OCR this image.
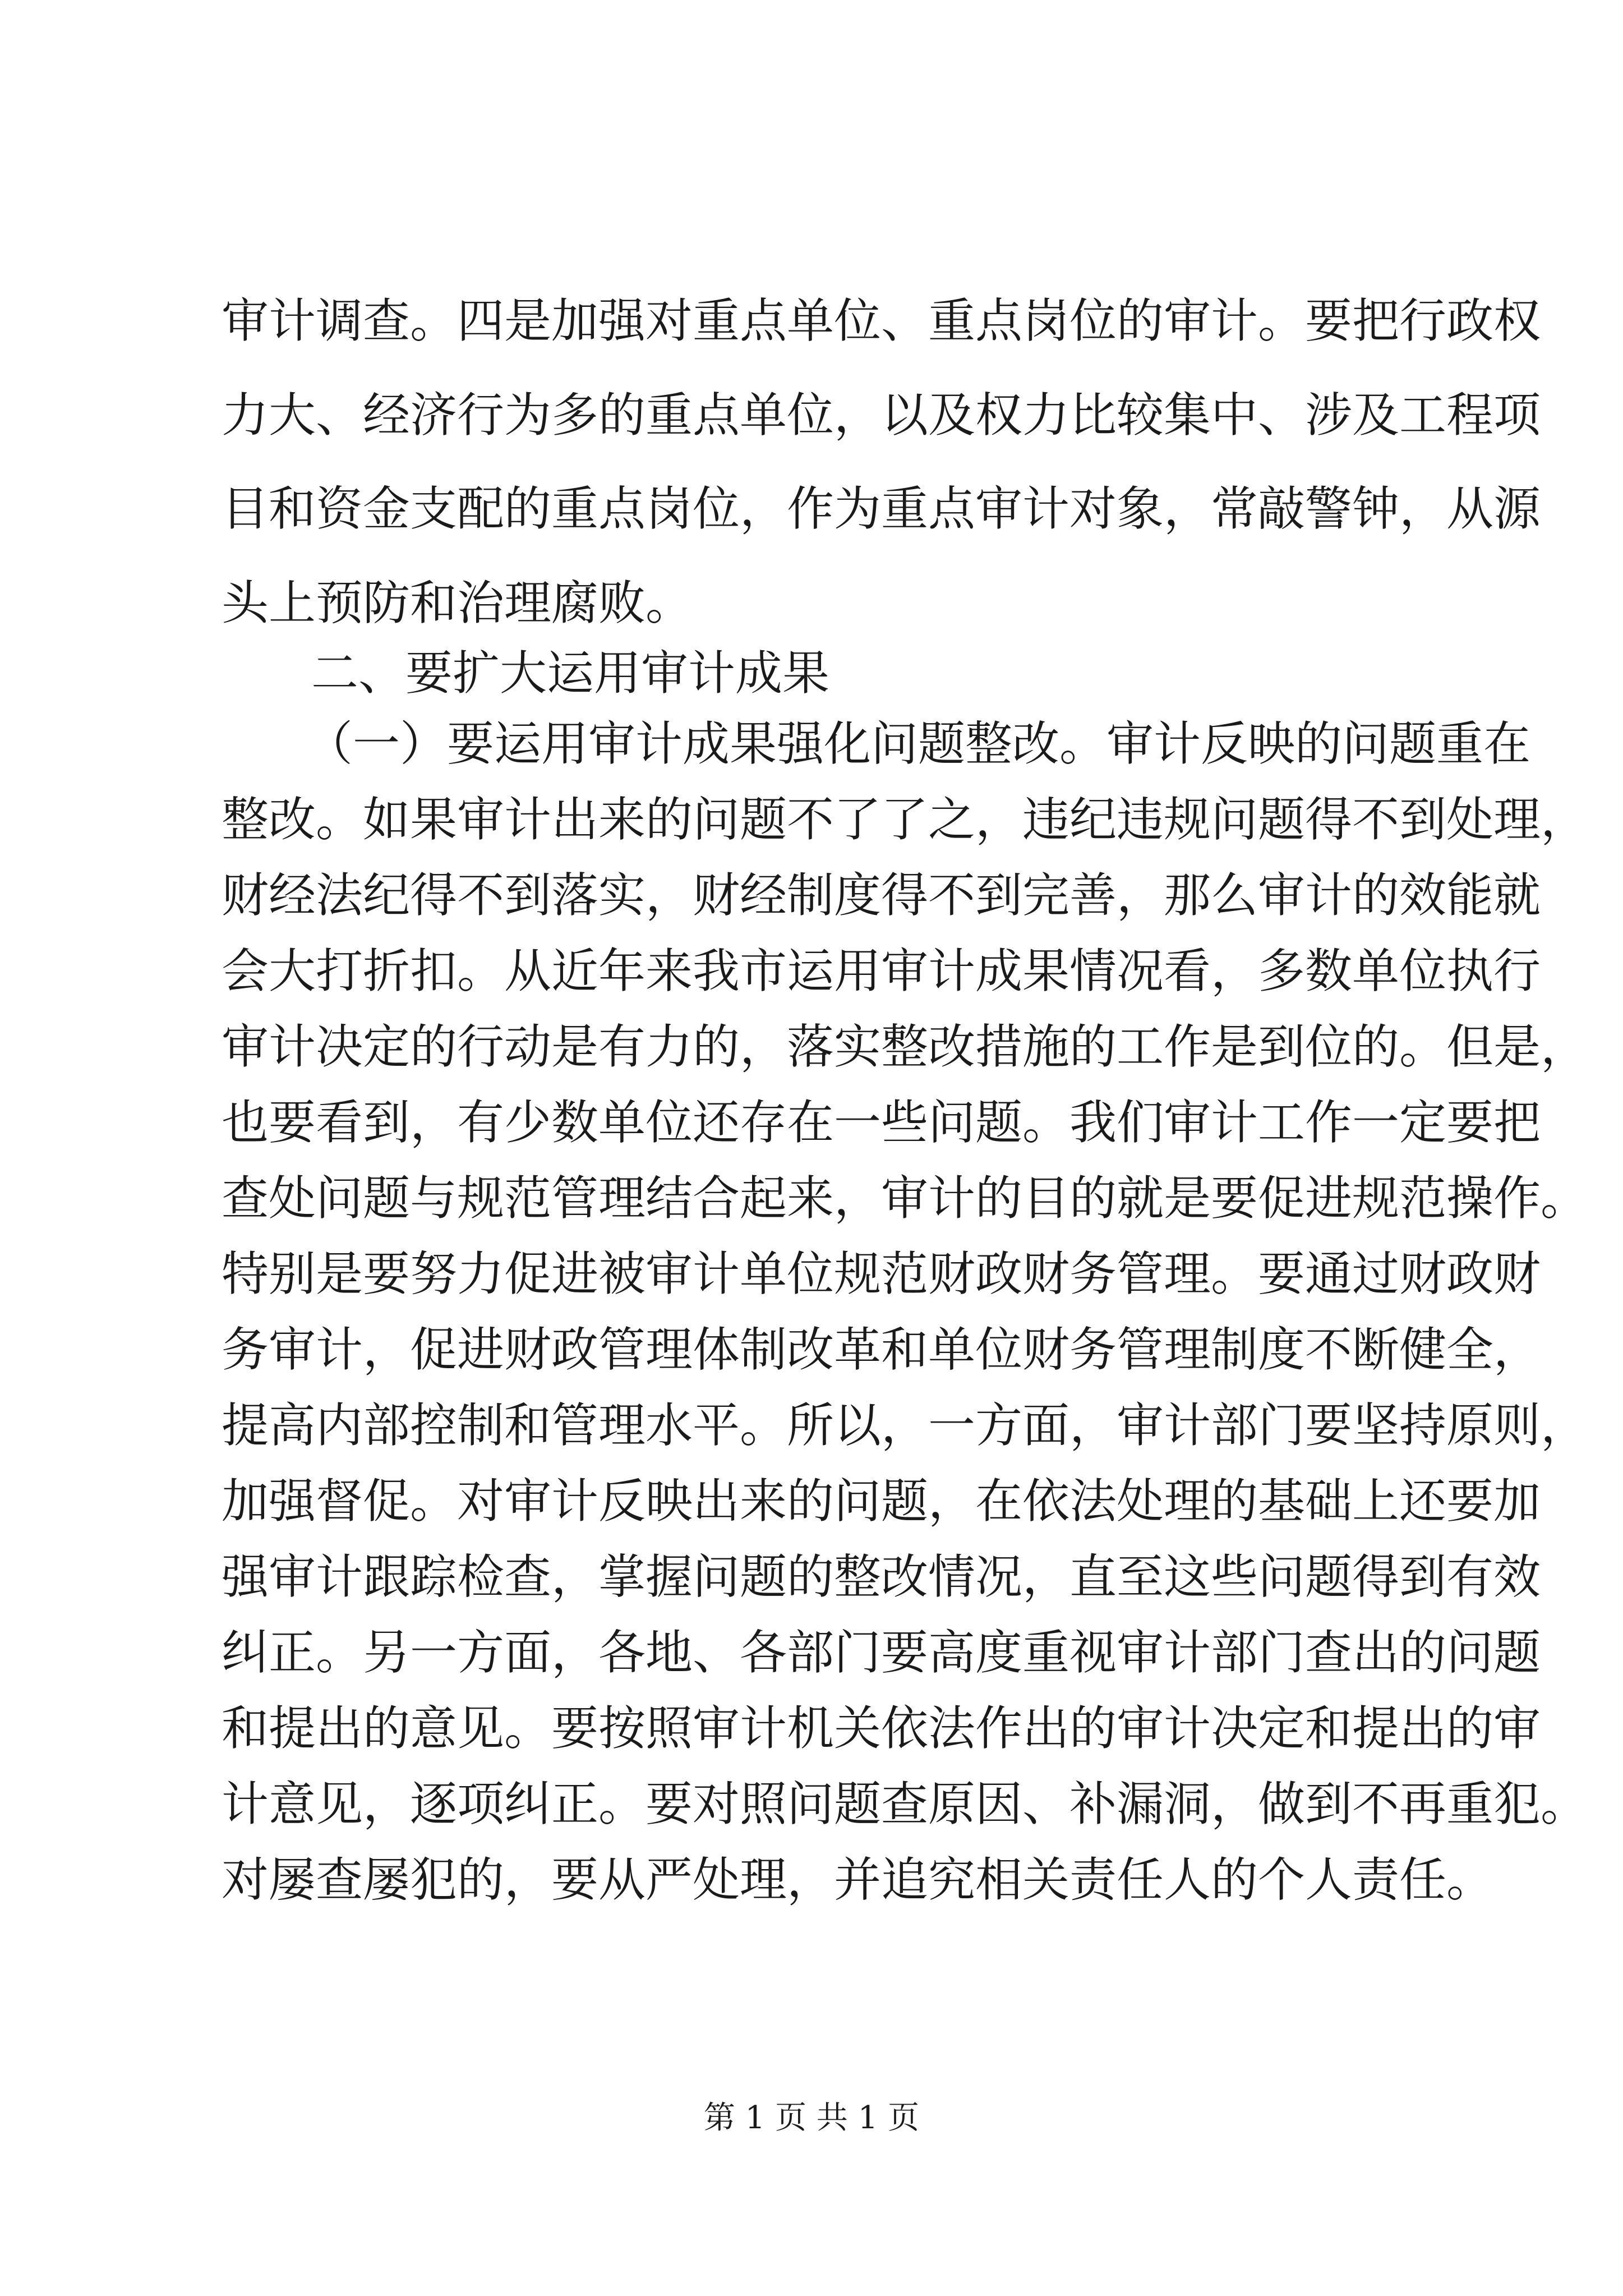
审计调查。四是加强对重点单位、重点岗位的审计。要把行政权
力大、经济行为多的重点单位，以及权力比较集中、涉及工程项
目和资金支配的重点岗位，作为重点审计对象，常敲警钟，从源
头上预防和治理腐败。
二、要扩大运用审计成果
（一）要运用审计成果强化问题整改。审计反映的问题重在
整改。如果审计出来的问题不了了之，违纪违规问题得不到处理，
财经法纪得不到落实，财经制度得不到完善，那么审计的效能就
会大打折扣。从近年来我市运用审计成果情况看，多数单位执行
审计决定的行动是有力的，落实整改措施的工作是到位的。但是，
也要看到，有少数单位还存在一些问题。我们审计工作一定要把
查处问题与规范管理结合起来，审计的目的就是要促进规范操作。
特别是要努力促进被审计单位规范财政财务管理。要通过财政财
务审计，促进财政管理体制改革和单位财务管理制度不断健全，
提高内部控制和管理水平。所以，一方面，审计部门要坚持原则，
加强督促。对审计反映出来的问题，在依法处理的基础上还要加
强审计跟踪检查，掌握问题的整改情况，直至这些问题得到有效
纠正。另一方面，各地、各部门要高度重视审计部门查出的问题
和提出的意见。要按照审计机关依法作出的审计决定和提出的审
计意见，逐项纠正。要对照问题查原因、补漏洞，做到不再重犯。
对屡查屡犯的，要从严处理，并追究相关责任人的个人责任。
第 1 页 共 1 页
